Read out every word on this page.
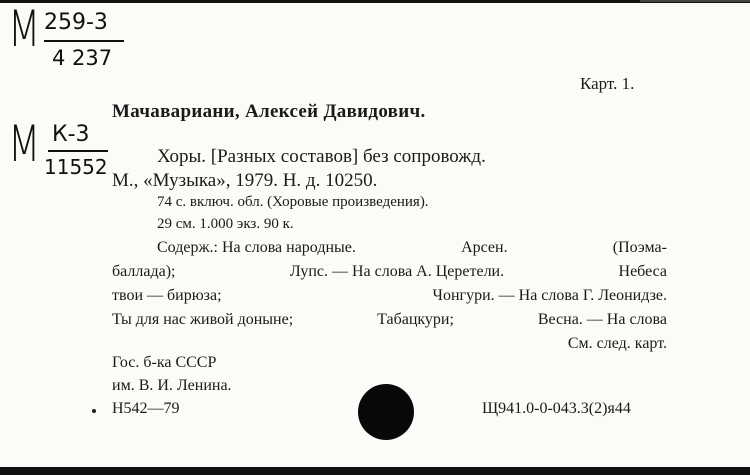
М 259-3
4 237
М К-3
11552
Карт. 1.
Мачавариани, Алексей Давидович.
Хоры. [Разных составов] без сопровожд.
М., «Музыка», 1979. Н. д. 10250.
74 с. включ. обл. (Хоровые произведения).
29 см. 1.000 экз. 90 к.
Содерж.: На слова народные.	Арсен.	(Поэма-
баллада);	Лупс. — На слова А. Церетели.	Небеса
твои — бирюза;	Чонгури. — На слова Г. Леонидзе.
Ты для нас живой доныне;	Табацкури;	Весна. — На слова
См. след. карт.
Гос. б-ка СССР
им. В. И. Ленина.
Н542—79	Щ941.0-0-043.3(2)я44
